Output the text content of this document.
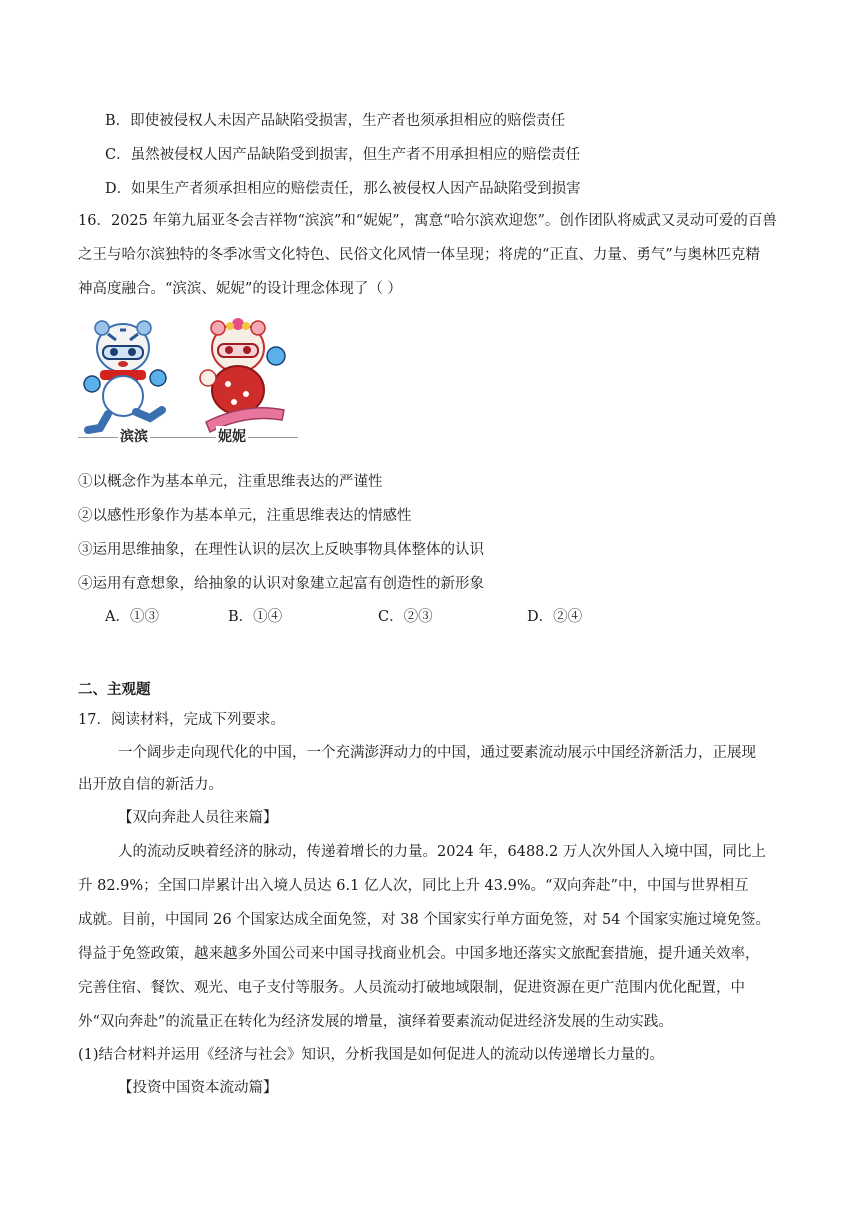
B．即使被侵权人未因产品缺陷受损害，生产者也须承担相应的赔偿责任
C．虽然被侵权人因产品缺陷受到损害，但生产者不用承担相应的赔偿责任
D．如果生产者须承担相应的赔偿责任，那么被侵权人因产品缺陷受到损害
16．2025 年第九届亚冬会吉祥物“滨滨”和“妮妮”，寓意“哈尔滨欢迎您”。创作团队将威武又灵动可爱的百兽
之王与哈尔滨独特的冬季冰雪文化特色、民俗文化风情一体呈现；将虎的“正直、力量、勇气”与奥林匹克精
神高度融合。“滨滨、妮妮”的设计理念体现了（ ）
滨滨	妮妮
①以概念作为基本单元，注重思维表达的严谨性
②以感性形象作为基本单元，注重思维表达的情感性
③运用思维抽象，在理性认识的层次上反映事物具体整体的认识
④运用有意想象，给抽象的认识对象建立起富有创造性的新形象
A．①③	B．①④	C．②③	D．②④
二、主观题
17．阅读材料，完成下列要求。
一个阔步走向现代化的中国，一个充满澎湃动力的中国，通过要素流动展示中国经济新活力，正展现
出开放自信的新活力。
【双向奔赴人员往来篇】
人的流动反映着经济的脉动，传递着增长的力量。2024 年，6488.2 万人次外国人入境中国，同比上
升 82.9%；全国口岸累计出入境人员达 6.1 亿人次，同比上升 43.9%。“双向奔赴”中，中国与世界相互
成就。目前，中国同 26 个国家达成全面免签，对 38 个国家实行单方面免签，对 54 个国家实施过境免签。
得益于免签政策，越来越多外国公司来中国寻找商业机会。中国多地还落实文旅配套措施，提升通关效率，
完善住宿、餐饮、观光、电子支付等服务。人员流动打破地域限制，促进资源在更广范围内优化配置，中
外“双向奔赴”的流量正在转化为经济发展的增量，演绎着要素流动促进经济发展的生动实践。
(1)结合材料并运用《经济与社会》知识，分析我国是如何促进人的流动以传递增长力量的。
【投资中国资本流动篇】
